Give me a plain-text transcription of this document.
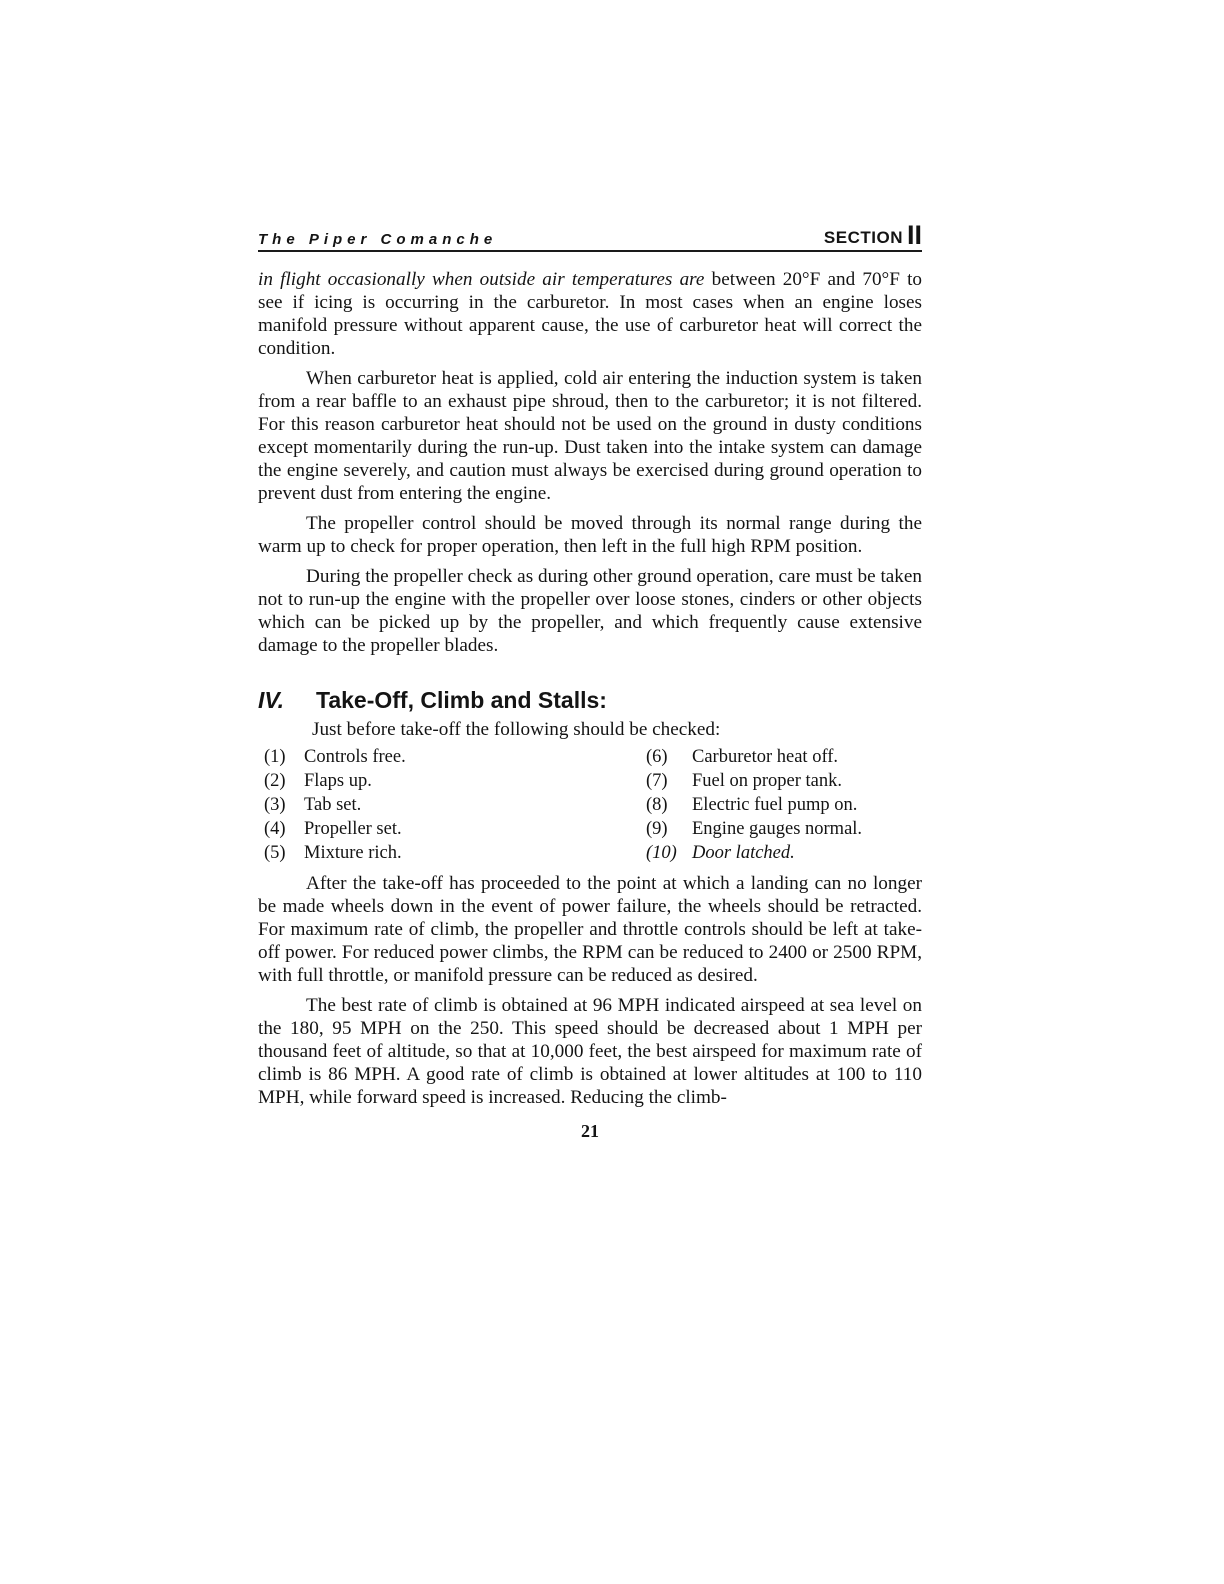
The Piper Comanche	SECTION II

in flight occasionally when outside air temperatures are between 20°F and 70°F to see if icing is occurring in the carburetor. In most cases when an engine loses manifold pressure without apparent cause, the use of carburetor heat will correct the condition.

When carburetor heat is applied, cold air entering the induction system is taken from a rear baffle to an exhaust pipe shroud, then to the carburetor; it is not filtered. For this reason carburetor heat should not be used on the ground in dusty conditions except momentarily during the run-up. Dust taken into the intake system can damage the engine severely, and caution must always be exercised during ground operation to prevent dust from entering the engine.

The propeller control should be moved through its normal range during the warm up to check for proper operation, then left in the full high RPM position.

During the propeller check as during other ground operation, care must be taken not to run-up the engine with the propeller over loose stones, cinders or other objects which can be picked up by the propeller, and which frequently cause extensive damage to the propeller blades.

IV.	Take-Off, Climb and Stalls:
Just before take-off the following should be checked:
(1) Controls free.	(6)	Carburetor heat off.
(2) Flaps up.	(7)	Fuel on proper tank.
(3) Tab set.	(8)	Electric fuel pump on.
(4) Propeller set.	(9)	Engine gauges normal.
(5) Mixture rich.	(10) Door latched.

After the take-off has proceeded to the point at which a landing can no longer be made wheels down in the event of power failure, the wheels should be retracted. For maximum rate of climb, the propeller and throttle controls should be left at take-off power. For reduced power climbs, the RPM can be reduced to 2400 or 2500 RPM, with full throttle, or manifold pressure can be reduced as desired.

The best rate of climb is obtained at 96 MPH indicated airspeed at sea level on the 180, 95 MPH on the 250. This speed should be decreased about 1 MPH per thousand feet of altitude, so that at 10,000 feet, the best airspeed for maximum rate of climb is 86 MPH. A good rate of climb is obtained at lower altitudes at 100 to 110 MPH, while forward speed is increased. Reducing the climb-

21
